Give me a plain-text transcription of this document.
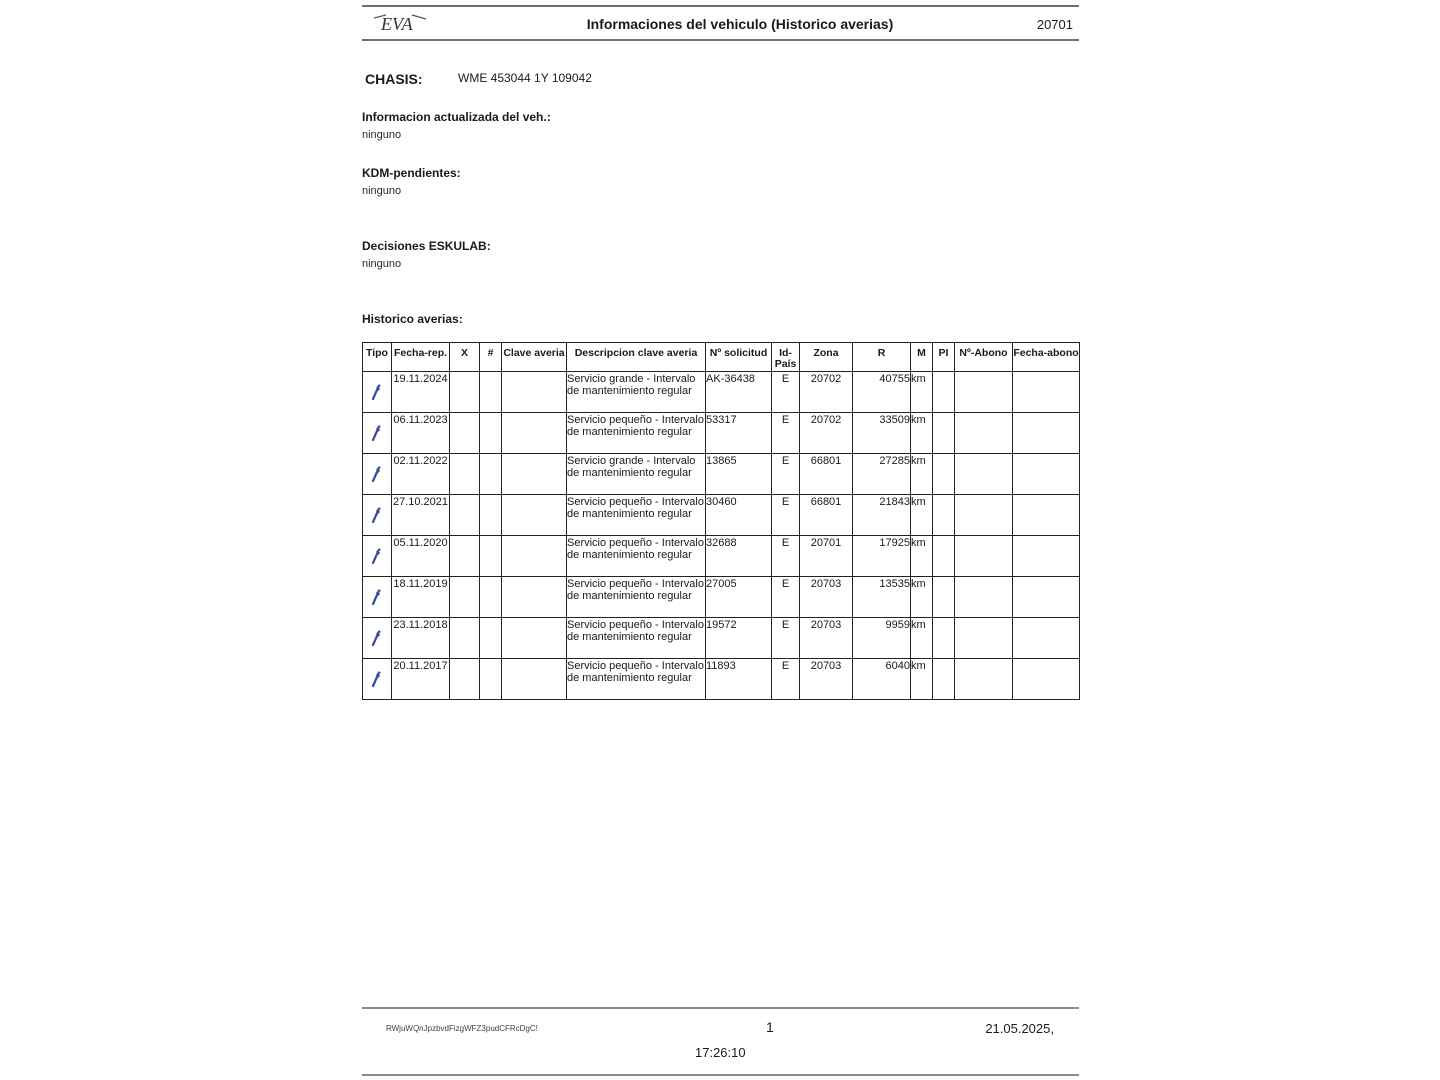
EVA	Informaciones del vehiculo (Historico averias)	20701
CHASIS:	WME 453044 1Y 109042
Informacion actualizada del veh.:
ninguno
KDM-pendientes:
ninguno
Decisiones ESKULAB:
ninguno
Historico averias:
Tipo	Fecha-rep.	X	#	Clave averia	Descripcion clave averia	Nº solicitud	Id-País	Zona	R	M	PI	Nº-Abono	Fecha-abono
	19.11.2024				Servicio grande - Intervalo de mantenimiento regular	AK-36438	E	20702	40755	km			
	06.11.2023				Servicio pequeño - Intervalo de mantenimiento regular	53317	E	20702	33509	km			
	02.11.2022				Servicio grande - Intervalo de mantenimiento regular	13865	E	66801	27285	km			
	27.10.2021				Servicio pequeño - Intervalo de mantenimiento regular	30460	E	66801	21843	km			
	05.11.2020				Servicio pequeño - Intervalo de mantenimiento regular	32688	E	20701	17925	km			
	18.11.2019				Servicio pequeño - Intervalo de mantenimiento regular	27005	E	20703	13535	km			
	23.11.2018				Servicio pequeño - Intervalo de mantenimiento regular	19572	E	20703	9959	km			
	20.11.2017				Servicio pequeño - Intervalo de mantenimiento regular	11893	E	20703	6040	km			
RWjuWQnJpzbvdFizgWFZ3pudCFRcDgC!	1	21.05.2025,
17:26:10
